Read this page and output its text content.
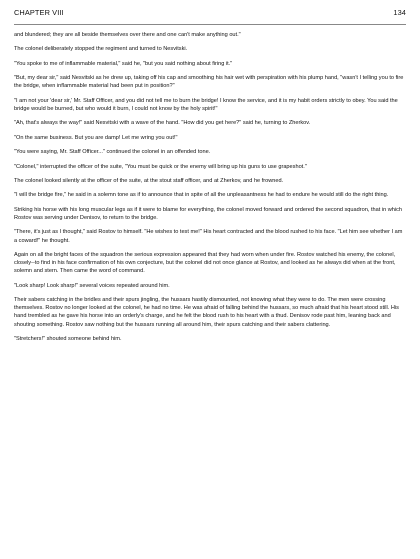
CHAPTER VIII	134

and blundered; they are all beside themselves over there and one can't make anything out."

The colonel deliberately stopped the regiment and turned to Nesvitski.

"You spoke to me of inflammable material," said he, "but you said nothing about firing it."

"But, my dear sir," said Nesvitski as he drew up, taking off his cap and smoothing his hair wet with perspiration with his plump hand, "wasn't I telling you to fire the bridge, when inflammable material had been put in position?"

"I am not your 'dear sir,' Mr. Staff Officer, and you did not tell me to burn the bridge! I know the service, and it is my habit orders strictly to obey. You said the bridge would be burned, but who would it burn, I could not know by the holy spirit!"

"Ah, that's always the way!" said Nesvitski with a wave of the hand. "How did you get here?" said he, turning to Zherkov.

"On the same business. But you are damp! Let me wring you out!"

"You were saying, Mr. Staff Officer..." continued the colonel in an offended tone.

"Colonel," interrupted the officer of the suite, "You must be quick or the enemy will bring up his guns to use grapeshot."

The colonel looked silently at the officer of the suite, at the stout staff officer, and at Zherkov, and he frowned.

"I will the bridge fire," he said in a solemn tone as if to announce that in spite of all the unpleasantness he had to endure he would still do the right thing.

Striking his horse with his long muscular legs as if it were to blame for everything, the colonel moved forward and ordered the second squadron, that in which Rostov was serving under Denisov, to return to the bridge.

"There, it's just as I thought," said Rostov to himself. "He wishes to test me!" His heart contracted and the blood rushed to his face. "Let him see whether I am a coward!" he thought.

Again on all the bright faces of the squadron the serious expression appeared that they had worn when under fire. Rostov watched his enemy, the colonel, closely--to find in his face confirmation of his own conjecture, but the colonel did not once glance at Rostov, and looked as he always did when at the front, solemn and stern. Then came the word of command.

"Look sharp! Look sharp!" several voices repeated around him.

Their sabers catching in the bridles and their spurs jingling, the hussars hastily dismounted, not knowing what they were to do. The men were crossing themselves. Rostov no longer looked at the colonel, he had no time. He was afraid of falling behind the hussars, so much afraid that his heart stood still. His hand trembled as he gave his horse into an orderly's charge, and he felt the blood rush to his heart with a thud. Denisov rode past him, leaning back and shouting something. Rostov saw nothing but the hussars running all around him, their spurs catching and their sabers clattering.

"Stretchers!" shouted someone behind him.
